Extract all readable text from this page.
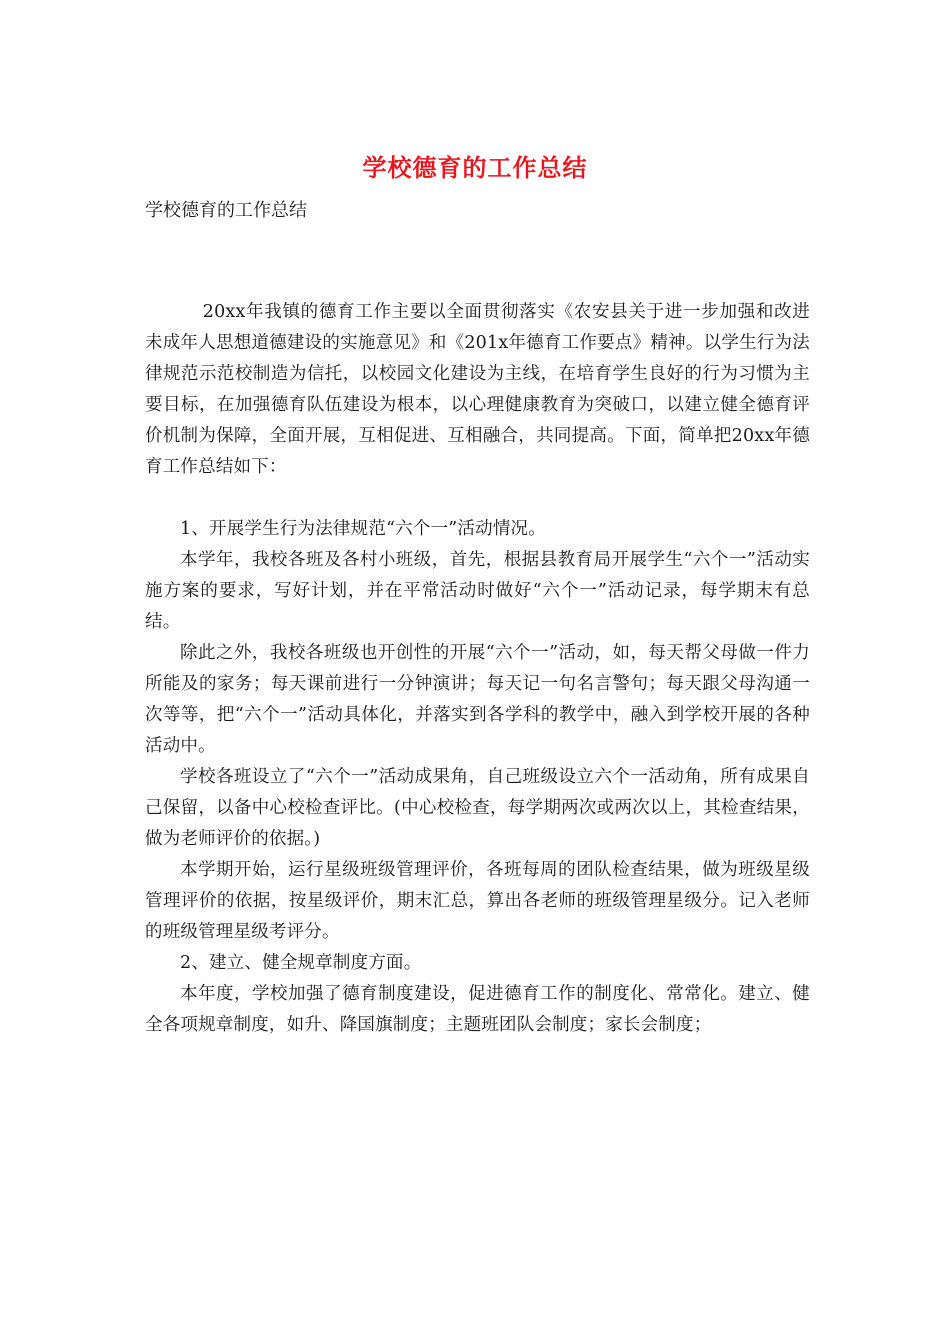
学校德育的工作总结
学校德育的工作总结

20xx年我镇的德育工作主要以全面贯彻落实《农安县关于进一步加强和改进未成年人思想道德建设的实施意见》和《201x年德育工作要点》精神。以学生行为法律规范示范校制造为信托，以校园文化建设为主线，在培育学生良好的行为习惯为主要目标，在加强德育队伍建设为根本，以心理健康教育为突破口，以建立健全德育评价机制为保障，全面开展，互相促进、互相融合，共同提高。下面，简单把20xx年德育工作总结如下：

1、开展学生行为法律规范“六个一”活动情况。

本学年，我校各班及各村小班级，首先，根据县教育局开展学生“六个一”活动实施方案的要求，写好计划，并在平常活动时做好“六个一”活动记录，每学期末有总结。

除此之外，我校各班级也开创性的开展“六个一”活动，如，每天帮父母做一件力所能及的家务；每天课前进行一分钟演讲；每天记一句名言警句；每天跟父母沟通一次等等，把“六个一”活动具体化，并落实到各学科的教学中，融入到学校开展的各种活动中。

学校各班设立了“六个一”活动成果角，自己班级设立六个一活动角，所有成果自己保留，以备中心校检查评比。(中心校检查，每学期两次或两次以上，其检查结果，做为老师评价的依据。)

本学期开始，运行星级班级管理评价，各班每周的团队检查结果，做为班级星级管理评价的依据，按星级评价，期末汇总，算出各老师的班级管理星级分。记入老师的班级管理星级考评分。

2、建立、健全规章制度方面。

本年度，学校加强了德育制度建设，促进德育工作的制度化、常常化。建立、健全各项规章制度，如升、降国旗制度；主题班团队会制度；家长会制度；
